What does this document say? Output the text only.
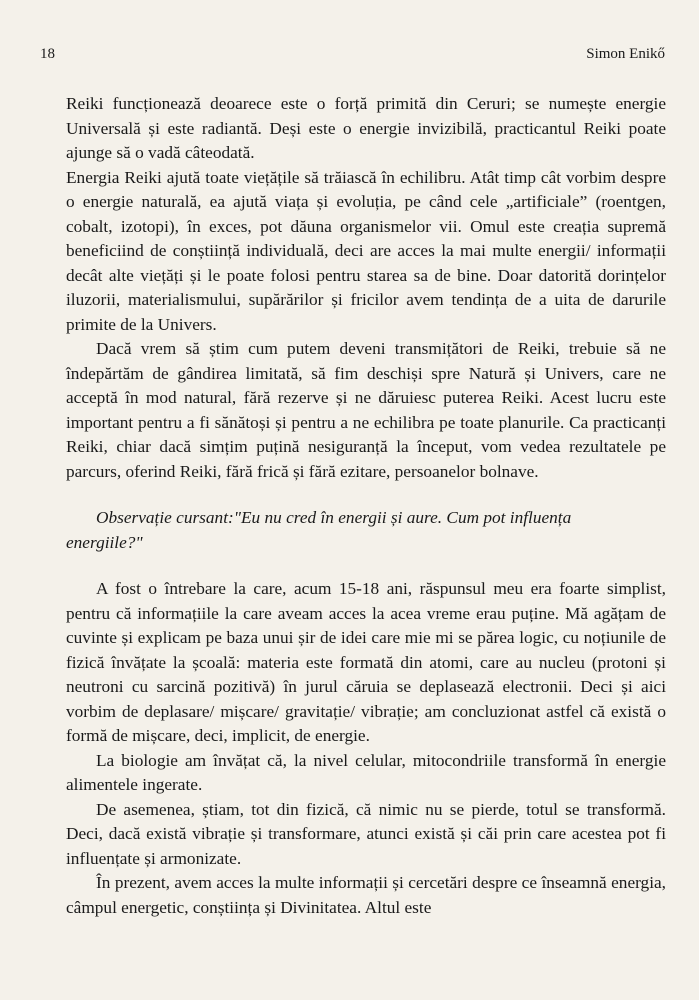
18	Simon Enikő

Reiki funcționează deoarece este o forță primită din Ceruri; se numește energie Universală și este radiantă. Deși este o energie invizibilă, practicantul Reiki poate ajunge să o vadă câteodată.

Energia Reiki ajută toate viețățile să trăiască în echilibru. Atât timp cât vorbim despre o energie naturală, ea ajută viața și evoluția, pe când cele „artificiale” (roentgen, cobalt, izotopi), în exces, pot dăuna organismelor vii. Omul este creația supremă beneficiind de conștiință individuală, deci are acces la mai multe energii/ informații decât alte viețăți și le poate folosi pentru starea sa de bine. Doar datorită dorințelor iluzorii, materialismului, supărărilor și fricilor avem tendința de a uita de darurile primite de la Univers.

Dacă vrem să știm cum putem deveni transmițători de Reiki, trebuie să ne îndepărtăm de gândirea limitată, să fim deschiși spre Natură și Univers, care ne acceptă în mod natural, fără rezerve și ne dăruiesc puterea Reiki. Acest lucru este important pentru a fi sănătoși și pentru a ne echilibra pe toate planurile. Ca practicanți Reiki, chiar dacă simțim puțină nesiguranță la început, vom vedea rezultatele pe parcurs, oferind Reiki, fără frică și fără ezitare, persoanelor bolnave.

Observație cursant:"Eu nu cred în energii și aure. Cum pot influența energiile?"

A fost o întrebare la care, acum 15-18 ani, răspunsul meu era foarte simplist, pentru că informațiile la care aveam acces la acea vreme erau puține. Mă agățam de cuvinte și explicam pe baza unui șir de idei care mie mi se părea logic, cu noțiunile de fizică învățate la școală: materia este formată din atomi, care au nucleu (protoni și neutroni cu sarcină pozitivă) în jurul căruia se deplasează electronii. Deci și aici vorbim de deplasare/ mișcare/ gravitație/ vibrație; am concluzionat astfel că există o formă de mișcare, deci, implicit, de energie.

La biologie am învățat că, la nivel celular, mitocondriile transformă în energie alimentele ingerate.

De asemenea, știam, tot din fizică, că nimic nu se pierde, totul se transformă. Deci, dacă există vibrație și transformare, atunci există și căi prin care acestea pot fi influențate și armonizate.

În prezent, avem acces la multe informații și cercetări despre ce înseamnă energia, câmpul energetic, conștiința și Divinitatea. Altul este
